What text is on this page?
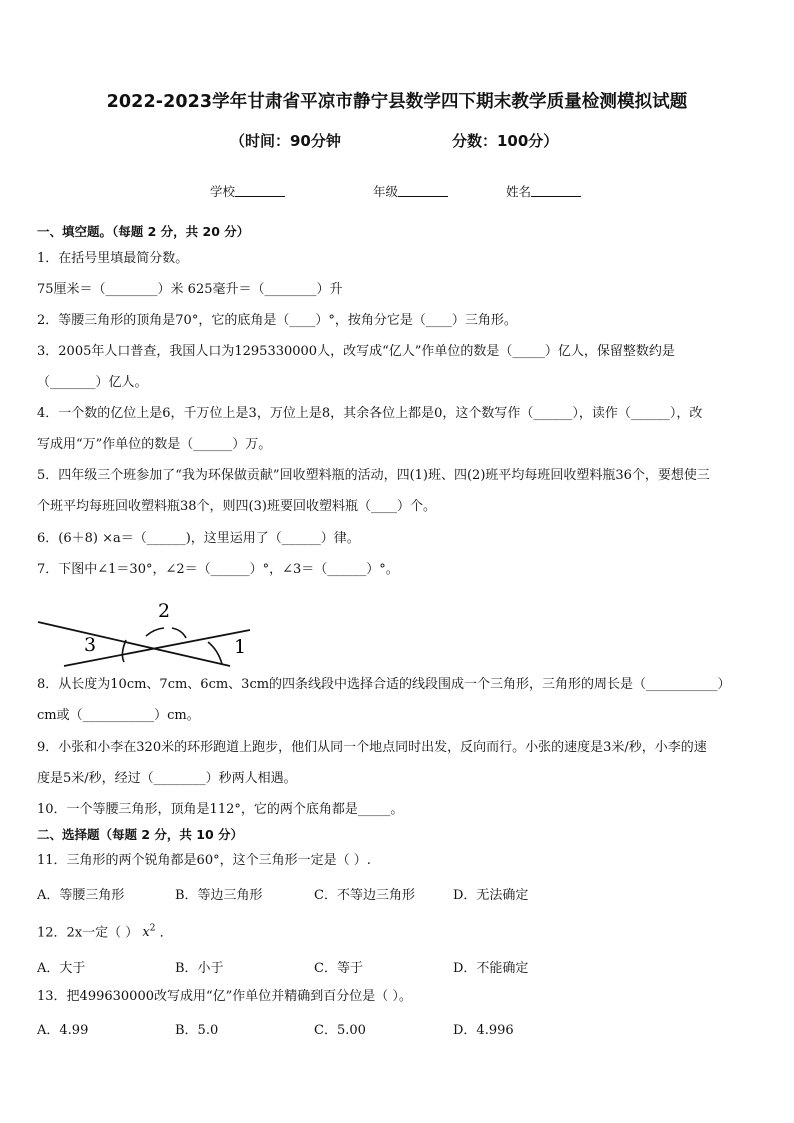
2022-2023学年甘肃省平凉市静宁县数学四下期末教学质量检测模拟试题
（时间：90分钟	分数：100分）
学校	年级	姓名
一、填空题。（每题 2 分，共 20 分）
1．在括号里填最简分数。
75厘米＝（________）米 625毫升＝（________）升
2．等腰三角形的顶角是70°，它的底角是（____）°，按角分它是（____）三角形。
3．2005年人口普查，我国人口为1295330000人，改写成“亿人”作单位的数是（_____）亿人，保留整数约是
（_______）亿人。
4．一个数的亿位上是6，千万位上是3，万位上是8，其余各位上都是0，这个数写作（______），读作（______），改
写成用“万”作单位的数是（______）万。
5．四年级三个班参加了“我为环保做贡献”回收塑料瓶的活动，四(1)班、四(2)班平均每班回收塑料瓶36个，要想使三
个班平均每班回收塑料瓶38个，则四(3)班要回收塑料瓶（____）个。
6．(6＋8) ×a＝（______)，这里运用了（______）律。
7．下图中∠1＝30°，∠2＝（______）°，∠3＝（______）°。
3
2
1
8．从长度为10cm、7cm、6cm、3cm的四条线段中选择合适的线段围成一个三角形，三角形的周长是（___________）
cm或（___________）cm。
9．小张和小李在320米的环形跑道上跑步，他们从同一个地点同时出发，反向而行。小张的速度是3米/秒，小李的速
度是5米/秒，经过（________）秒两人相遇。
10．一个等腰三角形，顶角是112°，它的两个底角都是_____。
二、选择题（每题 2 分，共 10 分）
11．三角形的两个锐角都是60°，这个三角形一定是（ ）.
A．等腰三角形	B．等边三角形	C．不等边三角形	D．无法确定
12．2x一定（ ） $x^2$ ．
A．大于	B．小于	C．等于	D．不能确定
13．把499630000改写成用“亿”作单位并精确到百分位是（ ）。
A．4.99	B．5.0	C．5.00	D．4.996
